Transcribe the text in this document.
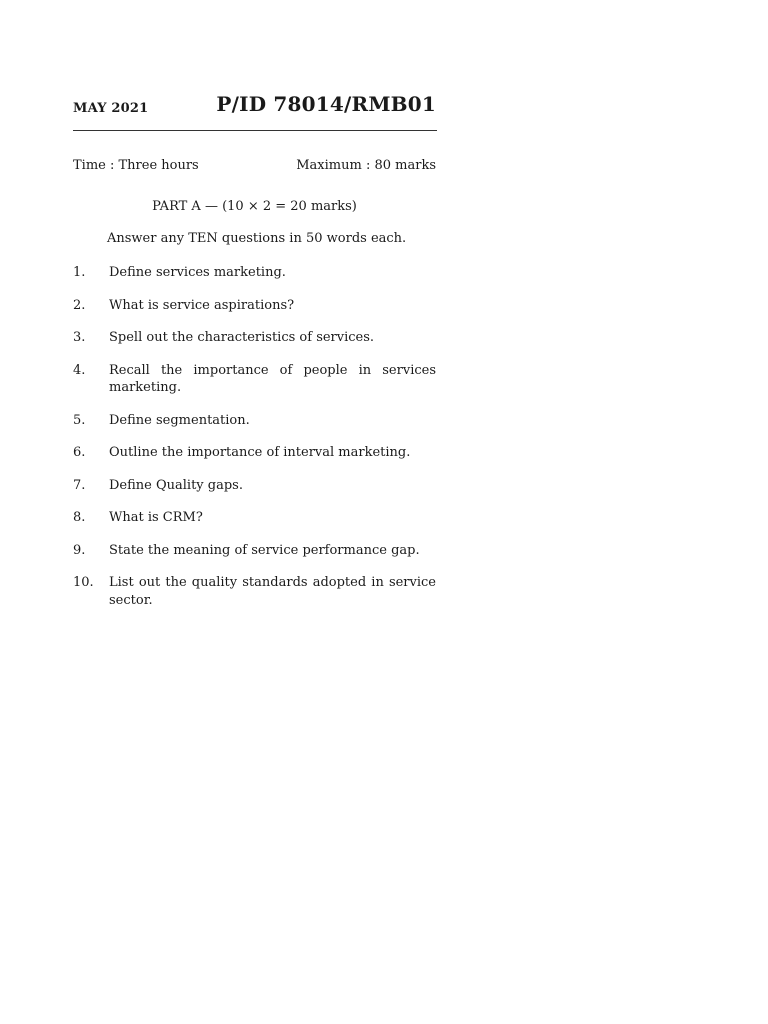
MAY 2021	P/ID 78014/RMB01
Time : Three hours	Maximum : 80 marks
PART A — (10 × 2 = 20 marks)
Answer any TEN questions in 50 words each.
1.	Define services marketing.
2.	What is service aspirations?
3.	Spell out the characteristics of services.
4.	Recall the importance of people in services marketing.
5.	Define segmentation.
6.	Outline the importance of interval marketing.
7.	Define Quality gaps.
8.	What is CRM?
9.	State the meaning of service performance gap.
10.	List out the quality standards adopted in service sector.
